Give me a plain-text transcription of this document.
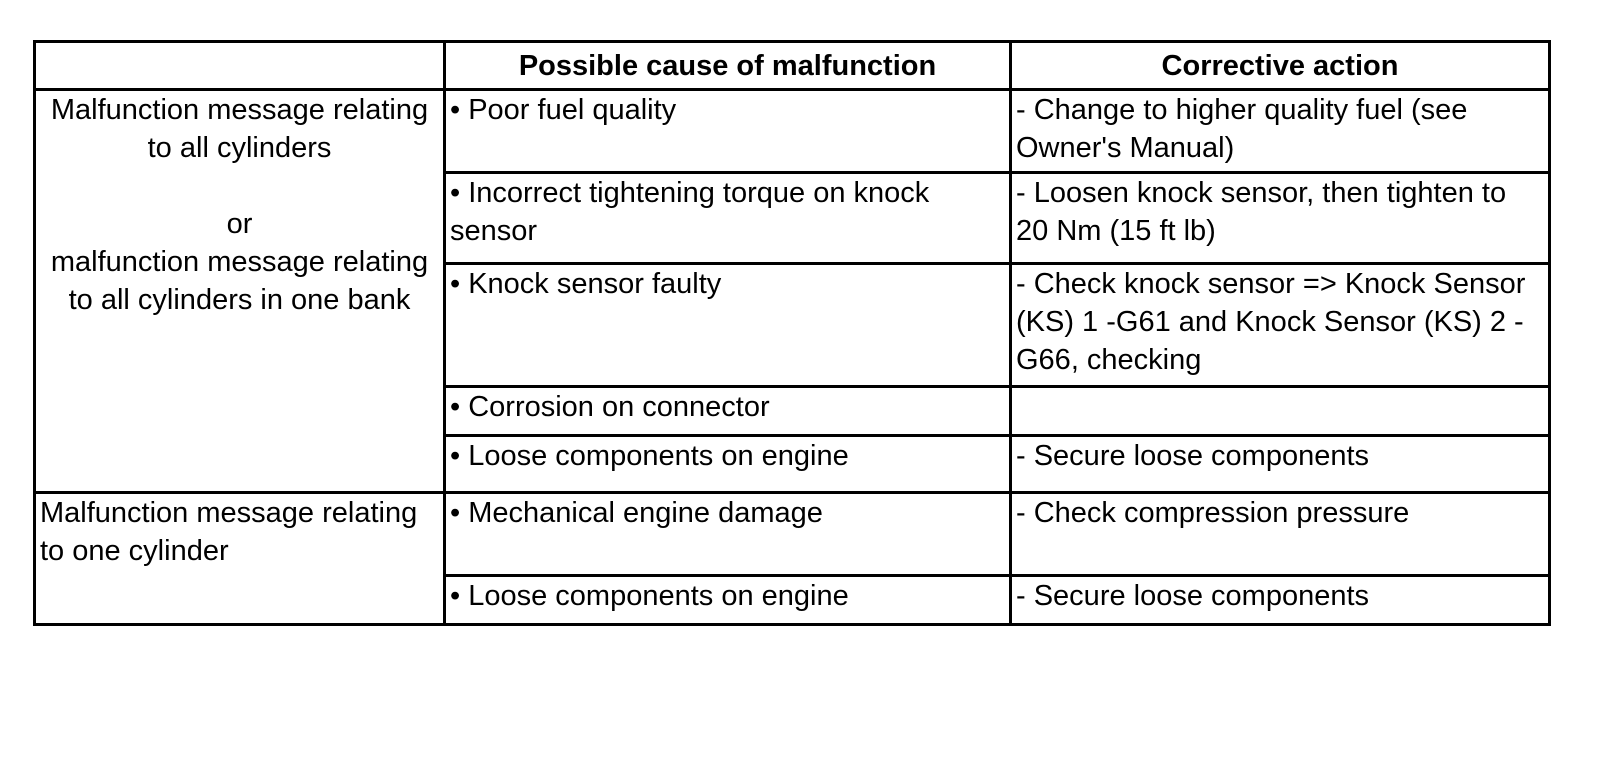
	Possible cause of malfunction	Corrective action

Malfunction message relating
to all cylinders
or
malfunction message relating
to all cylinders in one bank	• Poor fuel quality	- Change to higher quality fuel (see Owner's Manual)
	• Incorrect tightening torque on knock sensor	- Loosen knock sensor, then tighten to 20 Nm (15 ft lb)
	• Knock sensor faulty	- Check knock sensor => Knock Sensor (KS) 1 -G61 and Knock Sensor (KS) 2 -G66, checking
	• Corrosion on connector	
	• Loose components on engine	- Secure loose components

Malfunction message relating
to one cylinder	• Mechanical engine damage	- Check compression pressure
	• Loose components on engine	- Secure loose components
